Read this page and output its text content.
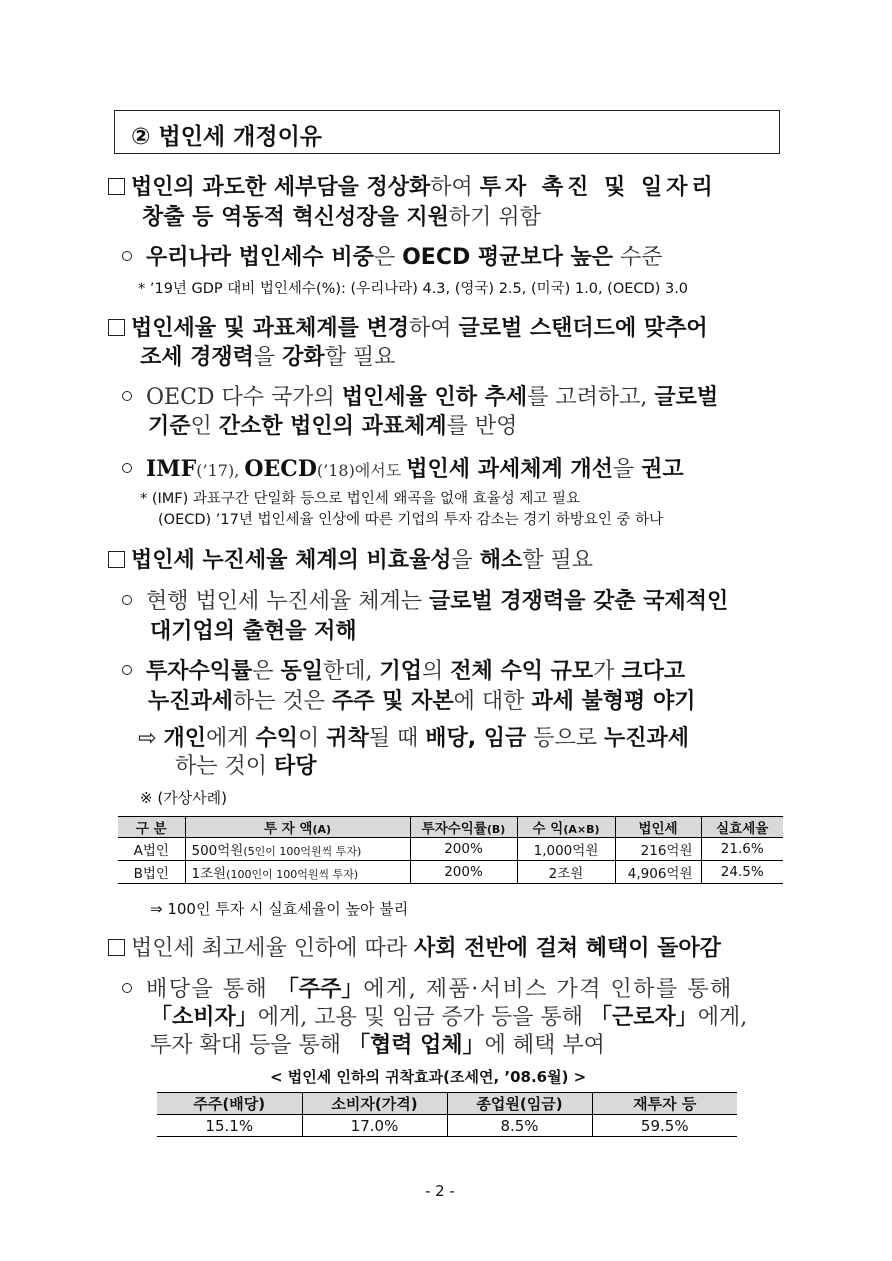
② 법인세 개정이유
법인의 과도한 세부담을 정상화하여 투자 촉진 및 일자리
창출 등 역동적 혁신성장을 지원하기 위함
우리나라 법인세수 비중은 OECD 평균보다 높은 수준
* ’19년 GDP 대비 법인세수(%): (우리나라) 4.3, (영국) 2.5, (미국) 1.0, (OECD) 3.0
법인세율 및 과표체계를 변경하여 글로벌 스탠더드에 맞추어
조세 경쟁력을 강화할 필요
OECD 다수 국가의 법인세율 인하 추세를 고려하고, 글로벌
기준인 간소한 법인의 과표체계를 반영
IMF(’17), OECD(’18)에서도 법인세 과세체계 개선을 권고
* (IMF) 과표구간 단일화 등으로 법인세 왜곡을 없애 효율성 제고 필요
(OECD) ’17년 법인세율 인상에 따른 기업의 투자 감소는 경기 하방요인 중 하나
법인세 누진세율 체계의 비효율성을 해소할 필요
현행 법인세 누진세율 체계는 글로벌 경쟁력을 갖춘 국제적인
대기업의 출현을 저해
투자수익률은 동일한데, 기업의 전체 수익 규모가 크다고
누진과세하는 것은 주주 및 자본에 대한 과세 불형평 야기
⇨ 개인에게 수익이 귀착될 때 배당, 임금 등으로 누진과세
하는 것이 타당
※ (가상사례)
구 분	투 자 액(A)	투자수익률(B)	수 익(A×B)	법인세	실효세율
A법인	500억원(5인이 100억원씩 투자)	200%	1,000억원	216억원	21.6%
B법인	1조원(100인이 100억원씩 투자)	200%	2조원	4,906억원	24.5%
⇒ 100인 투자 시 실효세율이 높아 불리
법인세 최고세율 인하에 따라 사회 전반에 걸쳐 혜택이 돌아감
배당을 통해 「주주」에게, 제품·서비스 가격 인하를 통해
「소비자」에게, 고용 및 임금 증가 등을 통해 「근로자」에게,
투자 확대 등을 통해 「협력 업체」에 혜택 부여
< 법인세 인하의 귀착효과(조세연, ’08.6월) >
주주(배당)	소비자(가격)	종업원(임금)	재투자 등
15.1%	17.0%	8.5%	59.5%
- 2 -
